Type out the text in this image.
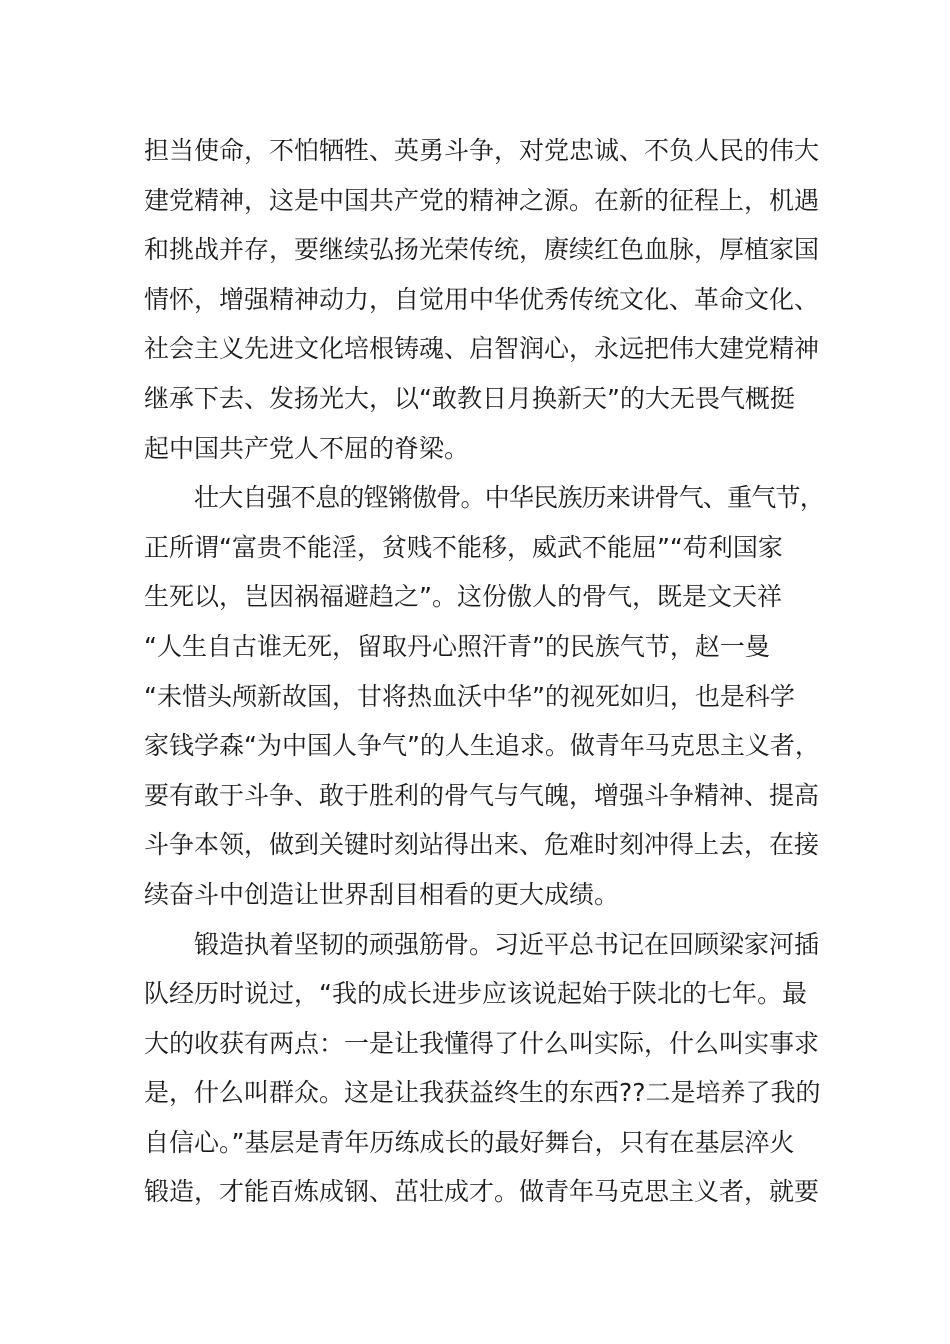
担当使命，不怕牺牲、英勇斗争，对党忠诚、不负人民的伟大
建党精神，这是中国共产党的精神之源。在新的征程上，机遇
和挑战并存，要继续弘扬光荣传统，赓续红色血脉，厚植家国
情怀，增强精神动力，自觉用中华优秀传统文化、革命文化、
社会主义先进文化培根铸魂、启智润心，永远把伟大建党精神
继承下去、发扬光大，以“敢教日月换新天”的大无畏气概挺
起中国共产党人不屈的脊梁。
壮大自强不息的铿锵傲骨。中华民族历来讲骨气、重气节，
正所谓“富贵不能淫，贫贱不能移，威武不能屈”“苟利国家
生死以，岂因祸福避趋之”。这份傲人的骨气，既是文天祥
“人生自古谁无死，留取丹心照汗青”的民族气节，赵一曼
“未惜头颅新故国，甘将热血沃中华”的视死如归，也是科学
家钱学森“为中国人争气”的人生追求。做青年马克思主义者，
要有敢于斗争、敢于胜利的骨气与气魄，增强斗争精神、提高
斗争本领，做到关键时刻站得出来、危难时刻冲得上去，在接
续奋斗中创造让世界刮目相看的更大成绩。
锻造执着坚韧的顽强筋骨。习近平总书记在回顾梁家河插
队经历时说过，“我的成长进步应该说起始于陕北的七年。最
大的收获有两点：一是让我懂得了什么叫实际，什么叫实事求
是，什么叫群众。这是让我获益终生的东西??二是培养了我的
自信心。”基层是青年历练成长的最好舞台，只有在基层淬火
锻造，才能百炼成钢、茁壮成才。做青年马克思主义者，就要
